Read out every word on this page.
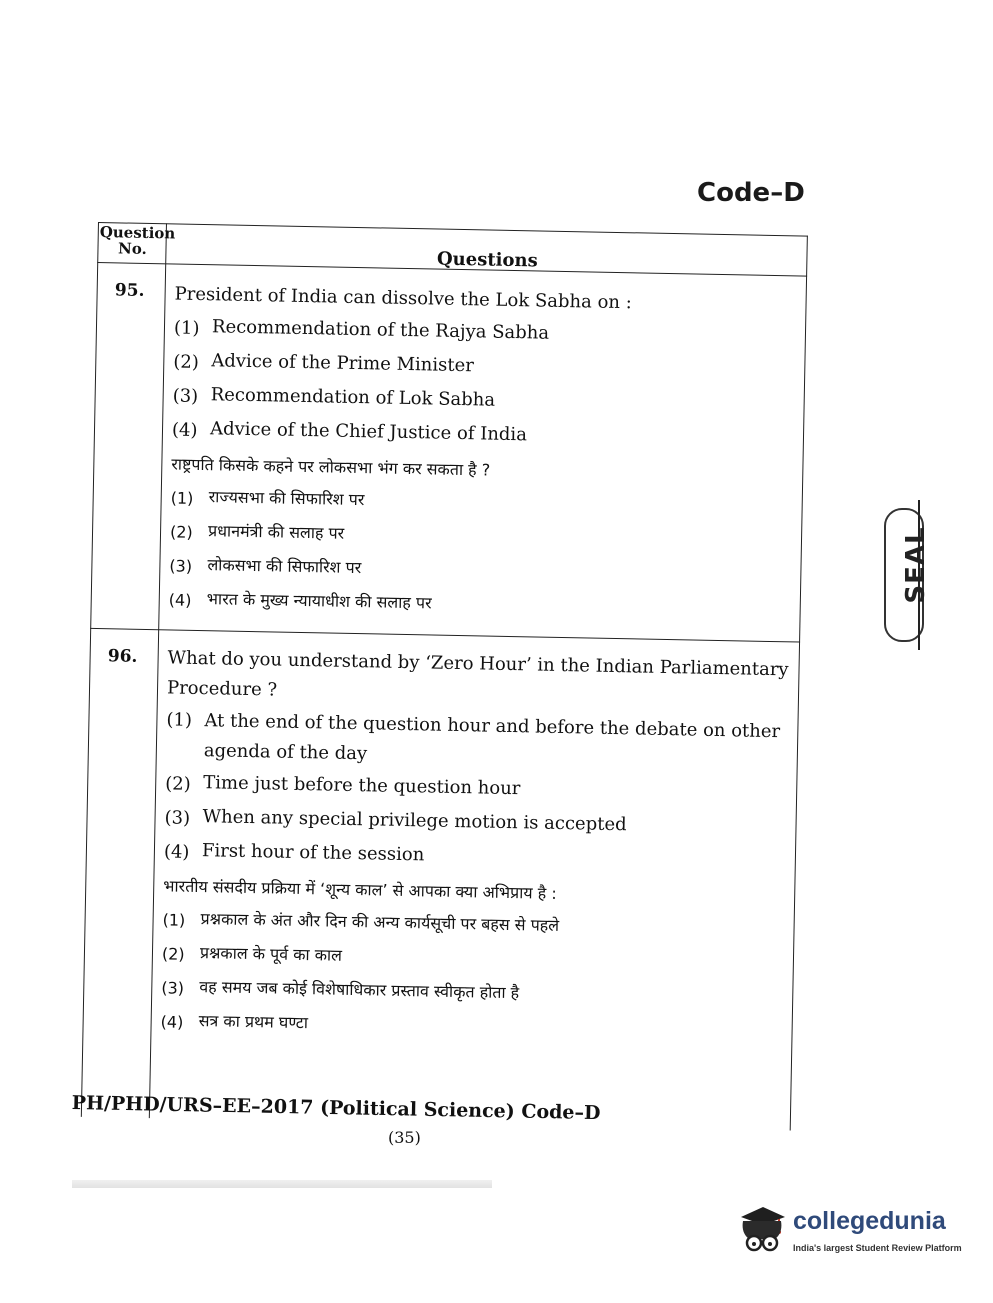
Code–D
Question No.	Questions
95.	President of India can dissolve the Lok Sabha on :
(1) Recommendation of the Rajya Sabha
(2) Advice of the Prime Minister
(3) Recommendation of Lok Sabha
(4) Advice of the Chief Justice of India
राष्ट्रपति किसके कहने पर लोकसभा भंग कर सकता है ?
(1) राज्यसभा की सिफारिश पर
(2) प्रधानमंत्री की सलाह पर
(3) लोकसभा की सिफारिश पर
(4) भारत के मुख्य न्यायाधीश की सलाह पर
96.	What do you understand by ‘Zero Hour’ in the Indian Parliamentary Procedure ?
(1) At the end of the question hour and before the debate on other agenda of the day
(2) Time just before the question hour
(3) When any special privilege motion is accepted
(4) First hour of the session
भारतीय संसदीय प्रक्रिया में ‘शून्य काल’ से आपका क्या अभिप्राय है :
(1) प्रश्नकाल के अंत और दिन की अन्य कार्यसूची पर बहस से पहले
(2) प्रश्नकाल के पूर्व का काल
(3) वह समय जब कोई विशेषाधिकार प्रस्ताव स्वीकृत होता है
(4) सत्र का प्रथम घण्टा
PH/PHD/URS–EE–2017 (Political Science) Code–D
(35)
SEAL
collegedunia
India's largest Student Review Platform
